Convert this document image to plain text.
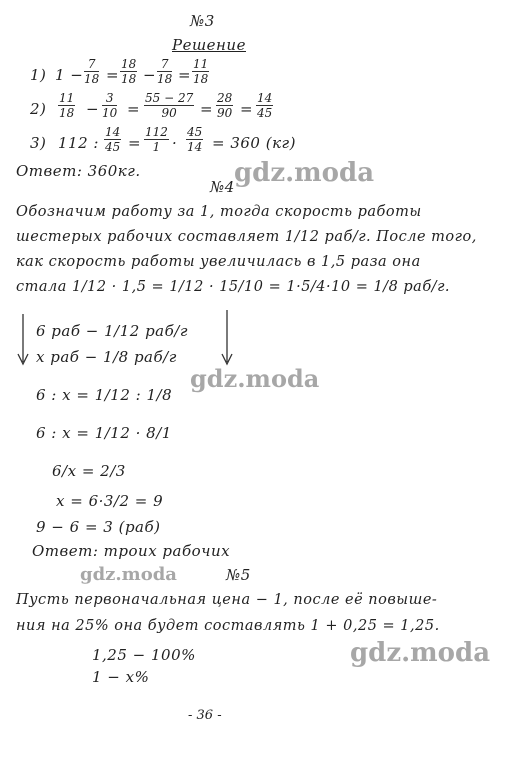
№3
Решение
1) $1 - \frac{7}{18} = \frac{18}{18} - \frac{7}{18} = \frac{11}{18}$
$2) \frac{11}{18} - \frac{3}{10} = \frac{55 - 27}{90} = \frac{28}{90} = \frac{14}{45}$
3) 112 : $\frac{14}{45} = \frac{112}{1} \cdot \frac{45}{14} = 360$ (кг)
Ответ: 360кг.
№4
Обозначим работу за 1, тогда скорость работы
шестерых рабочих составляет 1/12 раб/г. После того,
как скорость работы увеличилась в 1,5 раза она
стала 1/12 · 1,5 = 1/12 · 15/10 = 1·5/4·10 = 1/8 раб/г.
6 раб − 1/12 раб/г
x раб − 1/8 раб/г
6 : x = 1/12 : 1/8
6 : x = 1/12 · 8/1
6/x = 2/3
x = 6·3/2 = 9
9 − 6 = 3 (раб)
Ответ: троих рабочих
№5
Пусть первоначальная цена − 1, после её повыше-
ния на 25% она будет составлять 1 + 0,25 = 1,25.
1,25 − 100%
1 − x%
- 36 -
gdz.moda
gdz.moda
gdz.moda
gdz.moda
